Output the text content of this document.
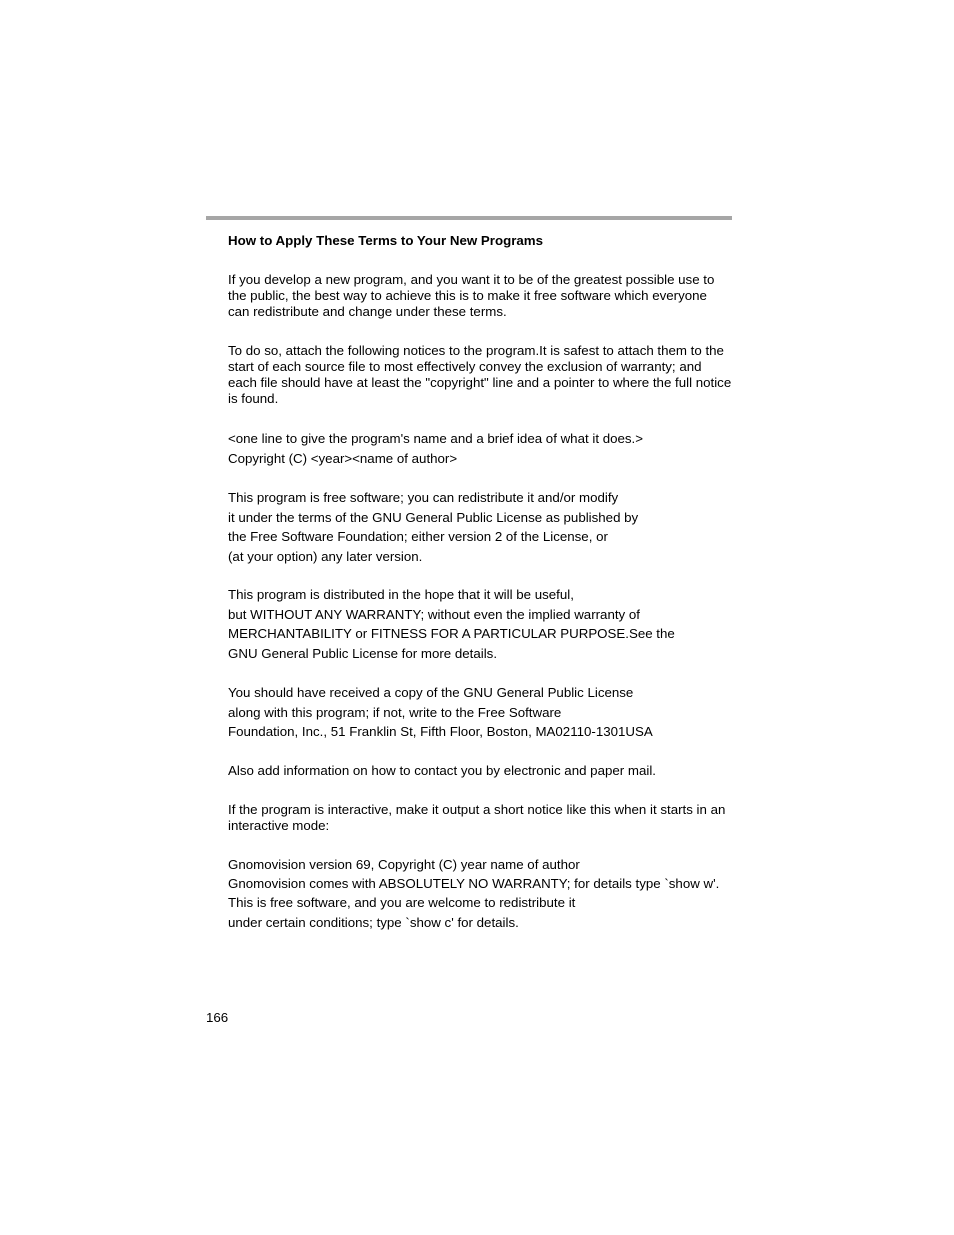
How to Apply These Terms to Your New Programs

If you develop a new program, and you want it to be of the greatest possible use to the public, the best way to achieve this is to make it free software which everyone can redistribute and change under these terms.

To do so, attach the following notices to the program.It is safest to attach them to the start of each source file to most effectively convey the exclusion of warranty; and each file should have at least the "copyright" line and a pointer to where the full notice is found.

<one line to give the program's name and a brief idea of what it does.>
Copyright (C) <year><name of author>
This program is free software; you can redistribute it and/or modify
it under the terms of the GNU General Public License as published by
the Free Software Foundation; either version 2 of the License, or
(at your option) any later version.
This program is distributed in the hope that it will be useful,
but WITHOUT ANY WARRANTY; without even the implied warranty of
MERCHANTABILITY or FITNESS FOR A PARTICULAR PURPOSE.See the
GNU General Public License for more details.
You should have received a copy of the GNU General Public License
along with this program; if not, write to the Free Software
Foundation, Inc., 51 Franklin St, Fifth Floor, Boston, MA02110-1301USA

Also add information on how to contact you by electronic and paper mail.

If the program is interactive, make it output a short notice like this when it starts in an interactive mode:

Gnomovision version 69, Copyright (C) year name of author
Gnomovision comes with ABSOLUTELY NO WARRANTY; for details type `show w'.
This is free software, and you are welcome to redistribute it
under certain conditions; type `show c' for details.

166
